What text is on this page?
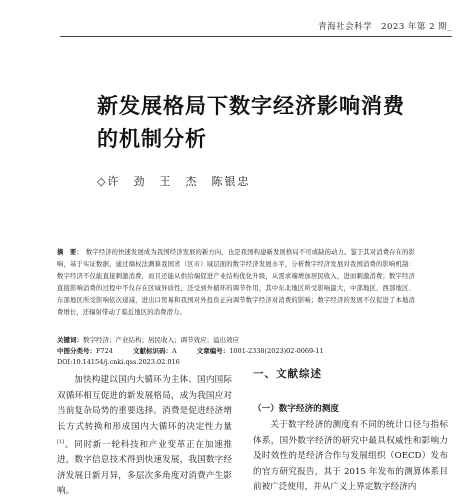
青海社会科学　2023 年第 2 期_
新发展格局下数字经济影响消费的机制分析
◇许　劲　王　杰　陈银忠
摘　要： 数字经济的快速发展成为我国经济发展的新方向，也是我国构建新发展格局不可或缺的动力。鉴于其对消费存在的影响，基于实证数据，通过熵权法测算我国省（区市）域层面的数字经济发展水平，分析数字经济发展对我国消费的影响机制：数字经济不仅能直接刺激消费，而且还能从供给端促进产业结构优化升级，从需求端增加居民收入，进而刺激消费；数字经济直接影响消费的过程中不仅存在区域异质性，还受到外循环的调节作用，其中东北地区所受影响最大，中部地区、西部地区、东部地区所受影响依次递减，进出口贸易和我国对外投资正向调节数字经济对消费的影响；数字经济的发展不仅促进了本地消费增长，还辐射带动了临近地区的消费潜力。
关键词：数字经济；产业结构；居民收入；调节效应；溢出效应
中图分类号：F724	文献标识码：A	文章编号：1001-2338(2023)02-0069-11
DOI:10.14154/j.cnki.qss.2023.02.016

加快构建以国内大循环为主体、国内国际双循环相互促进的新发展格局，成为我国应对当前复杂局势的重要选择。消费是促进经济增长方式转换和形成国内大循环的决定性力量[1]。同时新一轮科技和产业变革正在加速推进，数字信息技术得到快速发展，我国数字经济发展日新月异，多层次多角度对消费产生影响。

一、文献综述
（一）数字经济的测度

关于数字经济的测度有不同的统计口径与指标体系，国外数字经济的研究中最具权威性和影响力及时效性的是经济合作与发展组织（OECD）发布的官方研究报告，其于 2015 年发布的测算体系目前被广泛使用，并从广义上界定数字经济内
